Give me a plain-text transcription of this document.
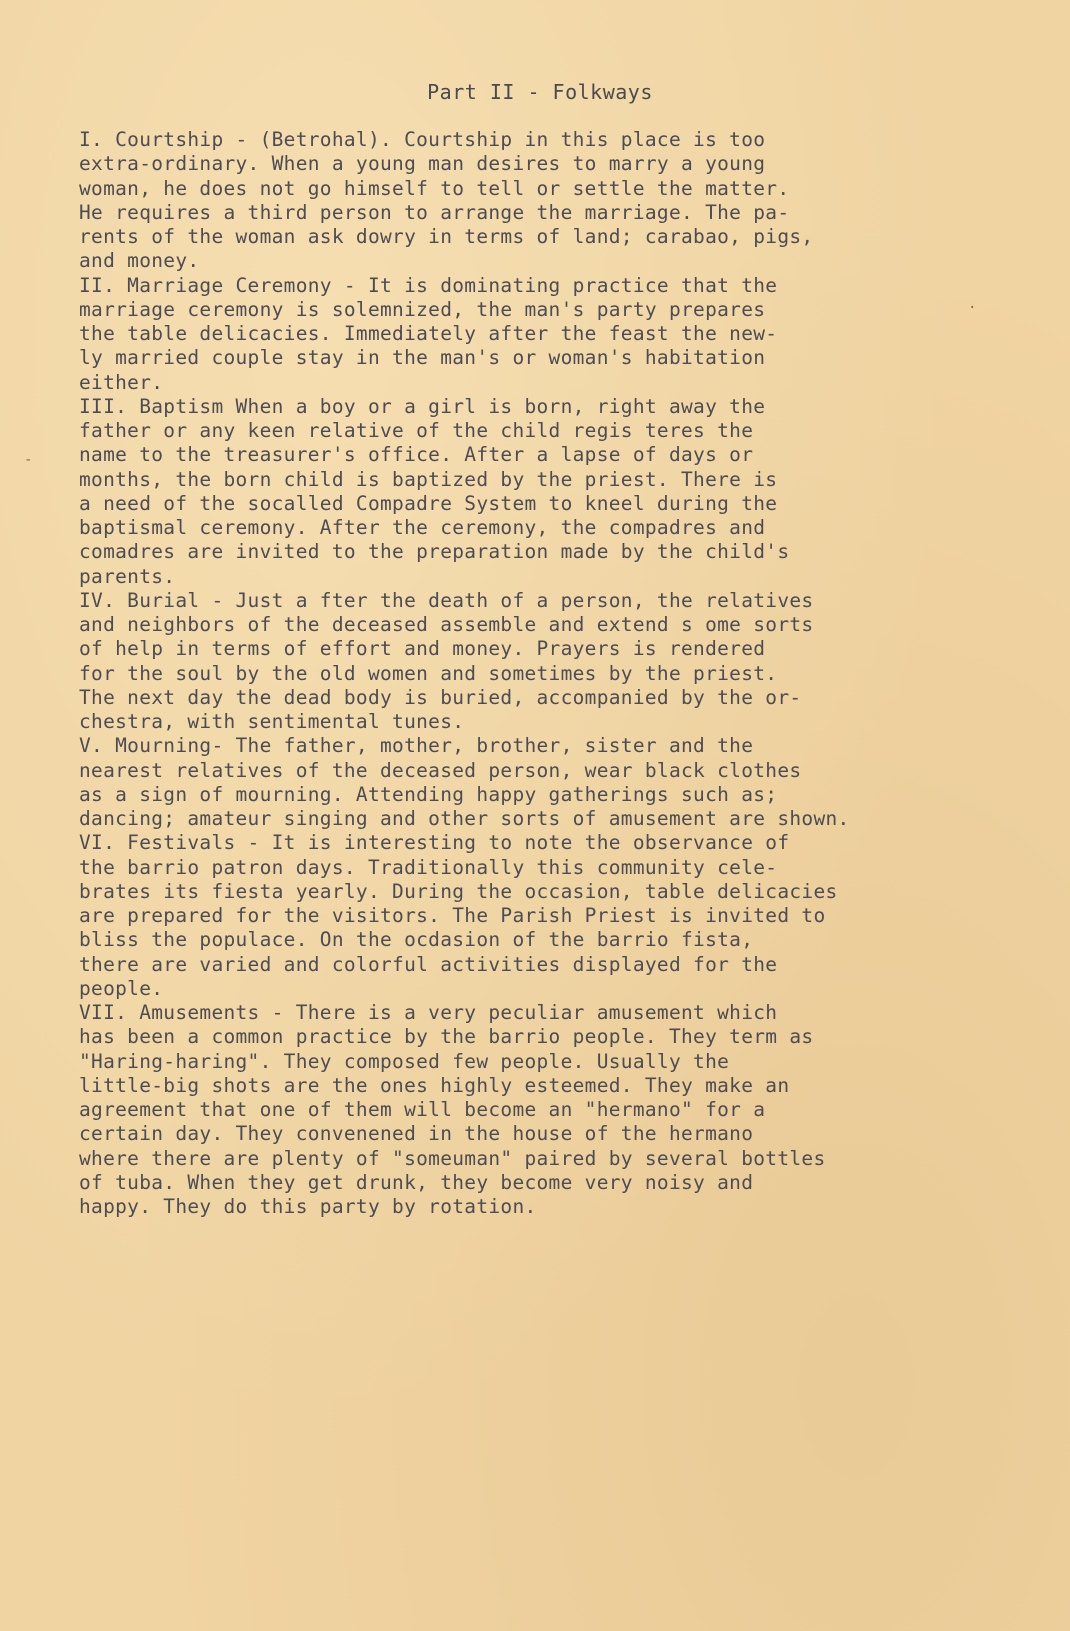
Part II - Folkways
-
.
I. Courtship - (Betrohal). Courtship in this place is too
extra-ordinary. When a young man desires to marry a young
woman, he does not go himself to tell or settle the matter.
He requires a third person to arrange the marriage. The pa-
rents of the woman ask dowry in terms of land; carabao, pigs,
and money.
II. Marriage Ceremony - It is dominating practice that the
marriage ceremony is solemnized, the man's party prepares
the table delicacies. Immediately after the feast the new-
ly married couple stay in the man's or woman's habitation
either.
III. Baptism When a boy or a girl is born, right away the
father or any keen relative of the child regis teres the
name to the treasurer's office. After a lapse of days or
months, the born child is baptized by the priest. There is
a need of the socalled Compadre System to kneel during the
baptismal ceremony. After the ceremony, the compadres and
comadres are invited to the preparation made by the child's
parents.
IV. Burial - Just a fter the death of a person, the relatives
and neighbors of the deceased assemble and extend s ome sorts
of help in terms of effort and money. Prayers is rendered
for the soul by the old women and sometimes by the priest.
The next day the dead body is buried, accompanied by the or-
chestra, with sentimental tunes.
V. Mourning- The father, mother, brother, sister and the
nearest relatives of the deceased person, wear black clothes
as a sign of mourning. Attending happy gatherings such as;
dancing; amateur singing and other sorts of amusement are shown.
VI. Festivals - It is interesting to note the observance of
the barrio patron days. Traditionally this community cele-
brates its fiesta yearly. During the occasion, table delicacies
are prepared for the visitors. The Parish Priest is invited to
bliss the populace. On the ocdasion of the barrio fista,
there are varied and colorful activities displayed for the
people.
VII. Amusements - There is a very peculiar amusement which
has been a common practice by the barrio people. They term as
"Haring-haring". They composed few people. Usually the
little-big shots are the ones highly esteemed. They make an
agreement that one of them will become an "hermano" for a
certain day. They convenened in the house of the hermano
where there are plenty of "someuman" paired by several bottles
of tuba. When they get drunk, they become very noisy and
happy. They do this party by rotation.
